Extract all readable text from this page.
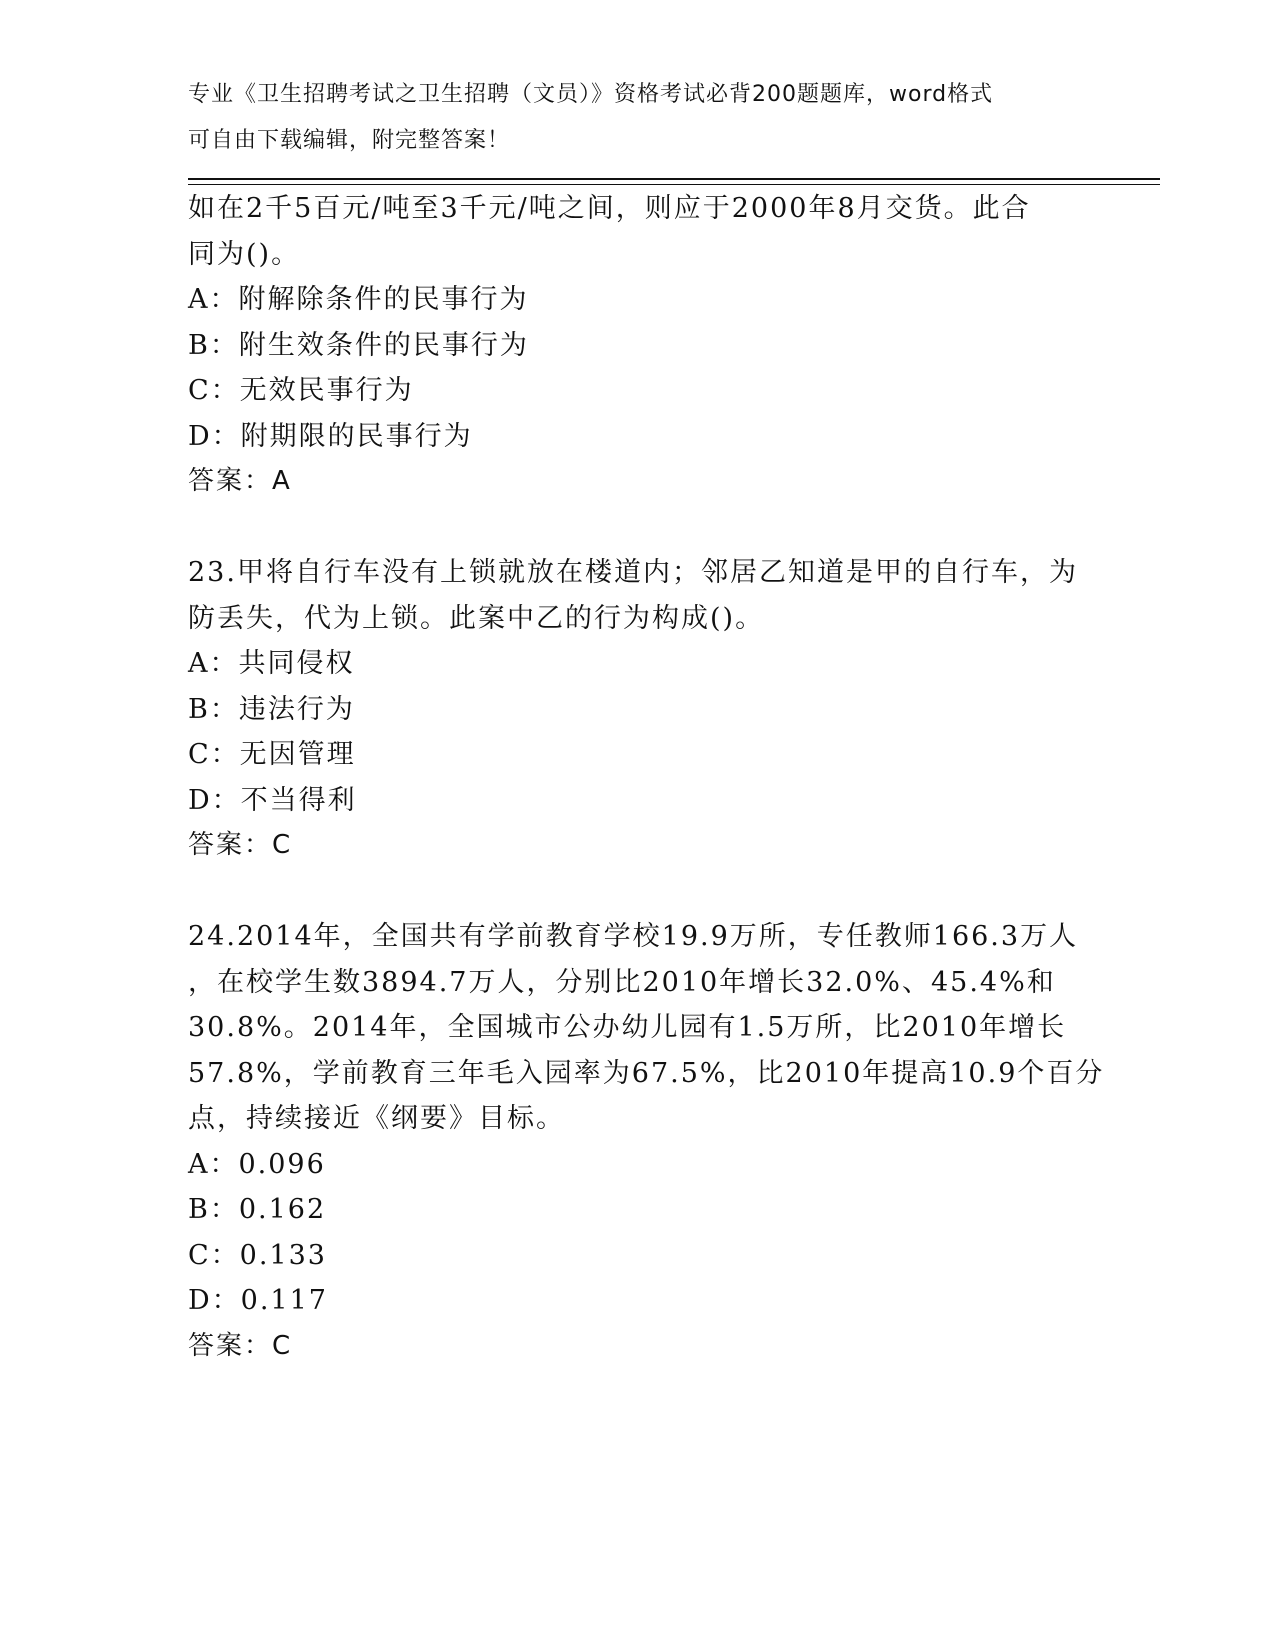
专业《卫生招聘考试之卫生招聘（文员）》资格考试必背200题题库，word格式
可自由下载编辑，附完整答案！
如在2千5百元/吨至3千元/吨之间，则应于2000年8月交货。此合
同为()。
A：附解除条件的民事行为
B：附生效条件的民事行为
C：无效民事行为
D：附期限的民事行为
答案：A
23.甲将自行车没有上锁就放在楼道内；邻居乙知道是甲的自行车，为
防丢失，代为上锁。此案中乙的行为构成()。
A：共同侵权
B：违法行为
C：无因管理
D：不当得利
答案：C
24.2014年，全国共有学前教育学校19.9万所，专任教师166.3万人
，在校学生数3894.7万人，分别比2010年增长32.0%、45.4%和
30.8%。2014年，全国城市公办幼儿园有1.5万所，比2010年增长
57.8%，学前教育三年毛入园率为67.5%，比2010年提高10.9个百分
点，持续接近《纲要》目标。
A：0.096
B：0.162
C：0.133
D：0.117
答案：C
